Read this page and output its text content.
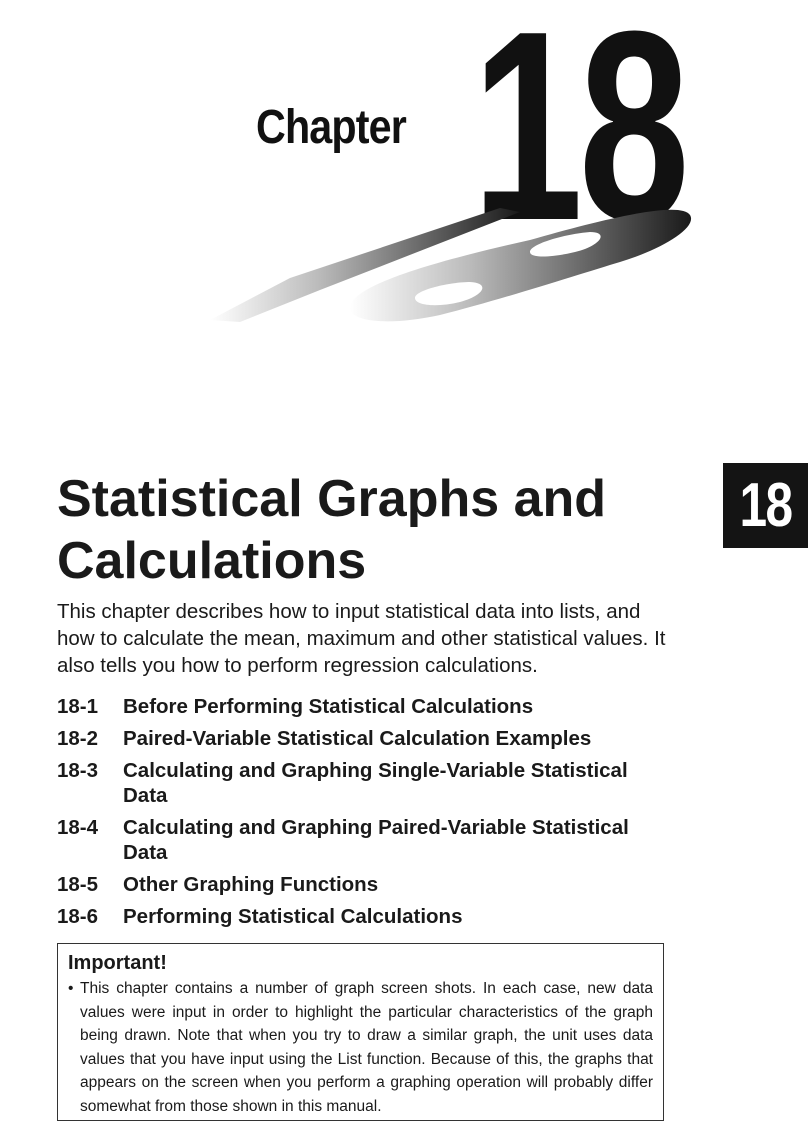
Chapter 18
18
Statistical Graphs and Calculations

This chapter describes how to input statistical data into lists, and how to calculate the mean, maximum and other statistical values. It also tells you how to perform regression calculations.

18-1	Before Performing Statistical Calculations
18-2	Paired-Variable Statistical Calculation Examples
18-3	Calculating and Graphing Single-Variable Statistical Data
18-4	Calculating and Graphing Paired-Variable Statistical Data
18-5	Other Graphing Functions
18-6	Performing Statistical Calculations
Important!
• This chapter contains a number of graph screen shots. In each case, new data values were input in order to highlight the particular characteristics of the graph being drawn. Note that when you try to draw a similar graph, the unit uses data values that you have input using the List function. Because of this, the graphs that appears on the screen when you perform a graphing operation will probably differ somewhat from those shown in this manual.
